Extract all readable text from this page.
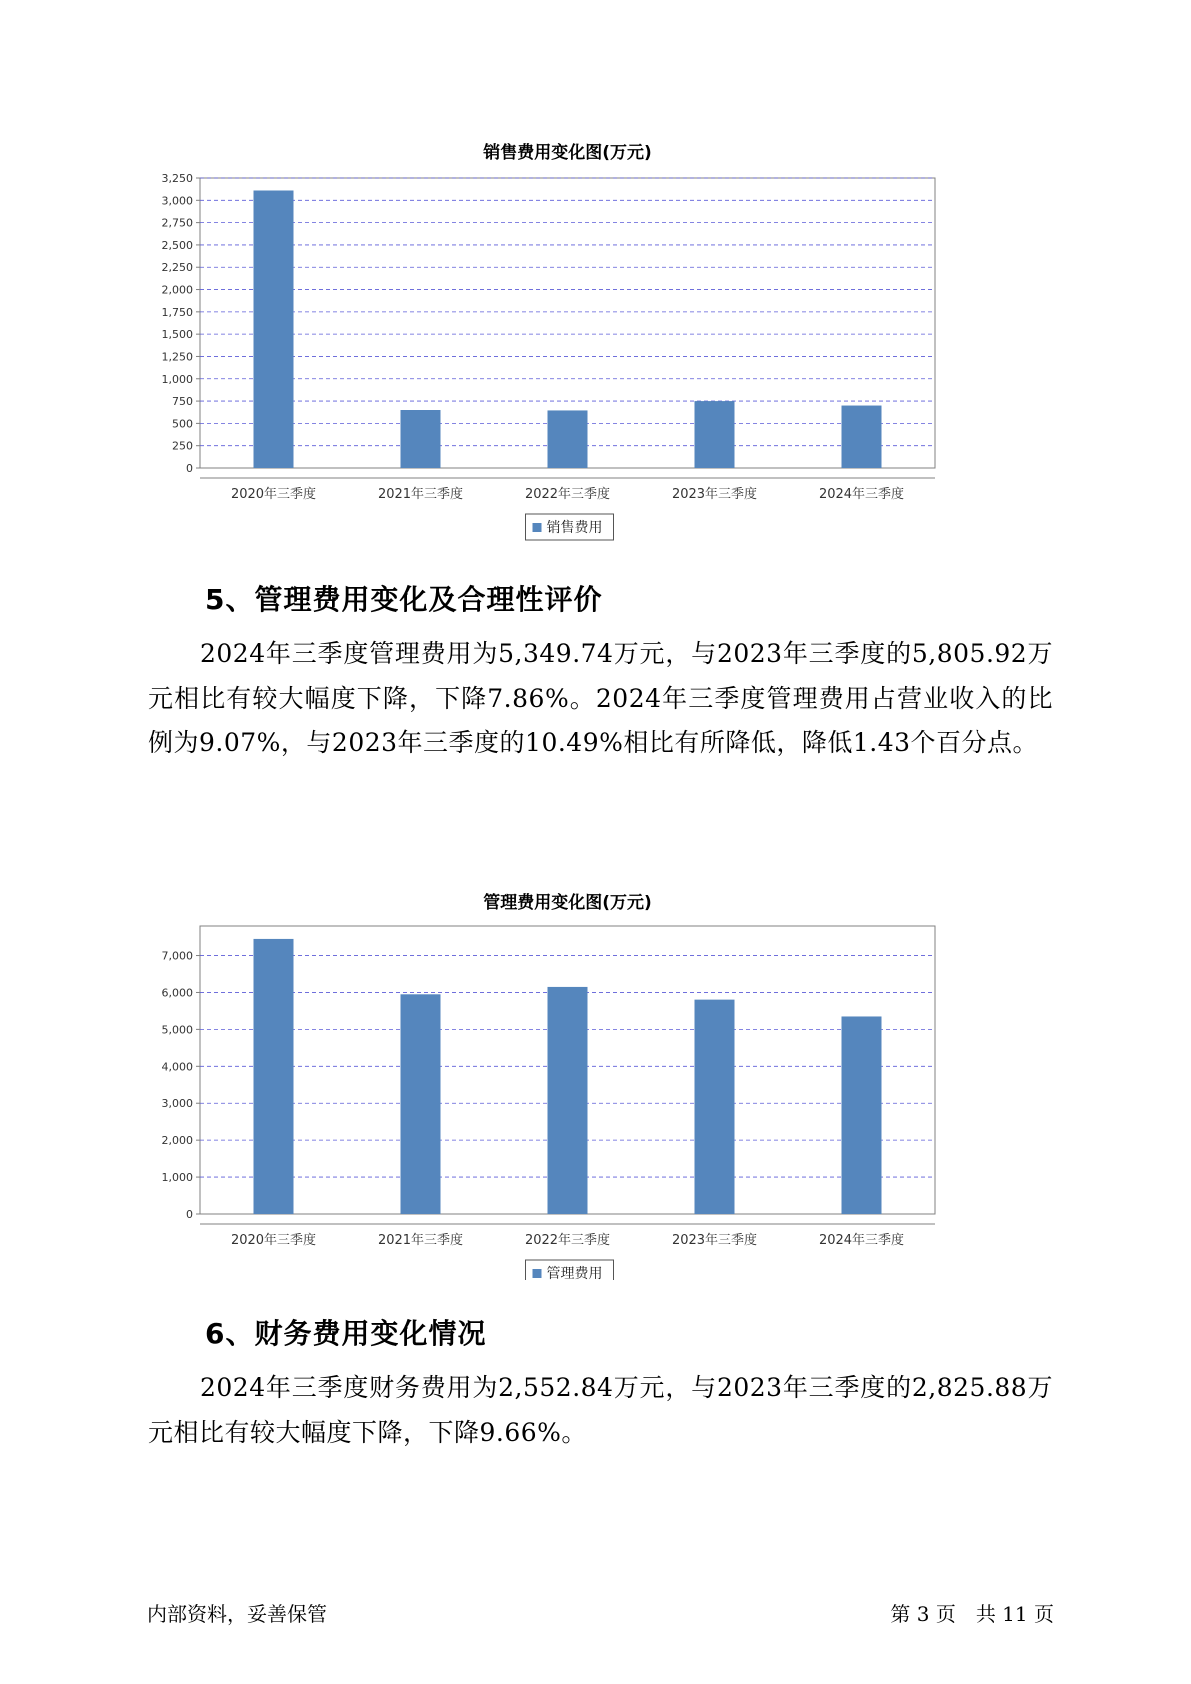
销售费用变化图(万元)
0
250
500
750
1,000
1,250
1,500
1,750
2,000
2,250
2,500
2,750
3,000
3,250
2020年三季度	2021年三季度	2022年三季度	2023年三季度	2024年三季度
销售费用
5、管理费用变化及合理性评价

2024年三季度管理费用为5,349.74万元，与2023年三季度的5,805.92万元相比有较大幅度下降，下降7.86%。2024年三季度管理费用占营业收入的比例为9.07%，与2023年三季度的10.49%相比有所降低，降低1.43个百分点。

管理费用变化图(万元)
0
1,000
2,000
3,000
4,000
5,000
6,000
7,000
2020年三季度	2021年三季度	2022年三季度	2023年三季度	2024年三季度
管理费用
6、财务费用变化情况

2024年三季度财务费用为2,552.84万元，与2023年三季度的2,825.88万元相比有较大幅度下降，下降9.66%。

内部资料，妥善保管	第 3 页　共 11 页
